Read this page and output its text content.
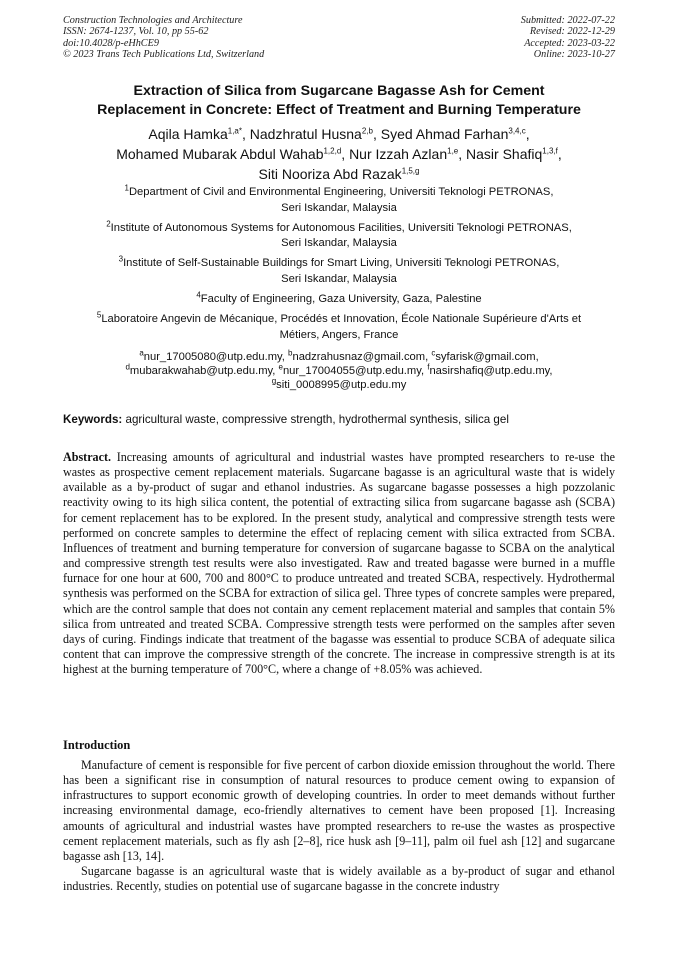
Construction Technologies and Architecture
ISSN: 2674-1237, Vol. 10, pp 55-62
doi:10.4028/p-eHhCE9
© 2023 Trans Tech Publications Ltd, Switzerland
Submitted: 2022-07-22
Revised: 2022-12-29
Accepted: 2023-03-22
Online: 2023-10-27
Extraction of Silica from Sugarcane Bagasse Ash for Cement
Replacement in Concrete: Effect of Treatment and Burning Temperature
Aqila Hamka$^{1,a*}$, Nadzhratul Husna$^{2,b}$, Syed Ahmad Farhan$^{3,4,c}$,
Mohamed Mubarak Abdul Wahab$^{1,2,d}$, Nur Izzah Azlan$^{1,e}$, Nasir Shafiq$^{1,3,f}$,
Siti Nooriza Abd Razak$^{1,5,g}$
$^1$Department of Civil and Environmental Engineering, Universiti Teknologi PETRONAS,
Seri Iskandar, Malaysia
$^2$Institute of Autonomous Systems for Autonomous Facilities, Universiti Teknologi PETRONAS,
Seri Iskandar, Malaysia
$^3$Institute of Self-Sustainable Buildings for Smart Living, Universiti Teknologi PETRONAS,
Seri Iskandar, Malaysia
$^4$Faculty of Engineering, Gaza University, Gaza, Palestine
$^5$Laboratoire Angevin de Mécanique, Procédés et Innovation, École Nationale Supérieure d'Arts et
Métiers, Angers, France
$^a$nur_17005080@utp.edu.my, $^b$nadzrahusnaz@gmail.com, $^c$syfarisk@gmail.com,
$^d$mubarakwahab@utp.edu.my, $^e$nur_17004055@utp.edu.my, $^f$nasirshafiq@utp.edu.my,
$^g$siti_0008995@utp.edu.my
Keywords: agricultural waste, compressive strength, hydrothermal synthesis, silica gel
Abstract. Increasing amounts of agricultural and industrial wastes have prompted researchers to re-use the wastes as prospective cement replacement materials. Sugarcane bagasse is an agricultural waste that is widely available as a by-product of sugar and ethanol industries. As sugarcane bagasse possesses a high pozzolanic reactivity owing to its high silica content, the potential of extracting silica from sugarcane bagasse ash (SCBA) for cement replacement has to be explored. In the present study, analytical and compressive strength tests were performed on concrete samples to determine the effect of replacing cement with silica extracted from SCBA. Influences of treatment and burning temperature for conversion of sugarcane bagasse to SCBA on the analytical and compressive strength test results were also investigated. Raw and treated bagasse were burned in a muffle furnace for one hour at 600, 700 and 800°C to produce untreated and treated SCBA, respectively. Hydrothermal synthesis was performed on the SCBA for extraction of silica gel. Three types of concrete samples were prepared, which are the control sample that does not contain any cement replacement material and samples that contain 5% silica from untreated and treated SCBA. Compressive strength tests were performed on the samples after seven days of curing. Findings indicate that treatment of the bagasse was essential to produce SCBA of adequate silica content that can improve the compressive strength of the concrete. The increase in compressive strength is at its highest at the burning temperature of 700°C, where a change of +8.05% was achieved.
Introduction

Manufacture of cement is responsible for five percent of carbon dioxide emission throughout the world. There has been a significant rise in consumption of natural resources to produce cement owing to expansion of infrastructures to support economic growth of developing countries. In order to meet demands without further increasing environmental damage, eco-friendly alternatives to cement have been proposed [1]. Increasing amounts of agricultural and industrial wastes have prompted researchers to re-use the wastes as prospective cement replacement materials, such as fly ash [2–8], rice husk ash [9–11], palm oil fuel ash [12] and sugarcane bagasse ash [13, 14].

Sugarcane bagasse is an agricultural waste that is widely available as a by-product of sugar and ethanol industries. Recently, studies on potential use of sugarcane bagasse in the concrete industry
